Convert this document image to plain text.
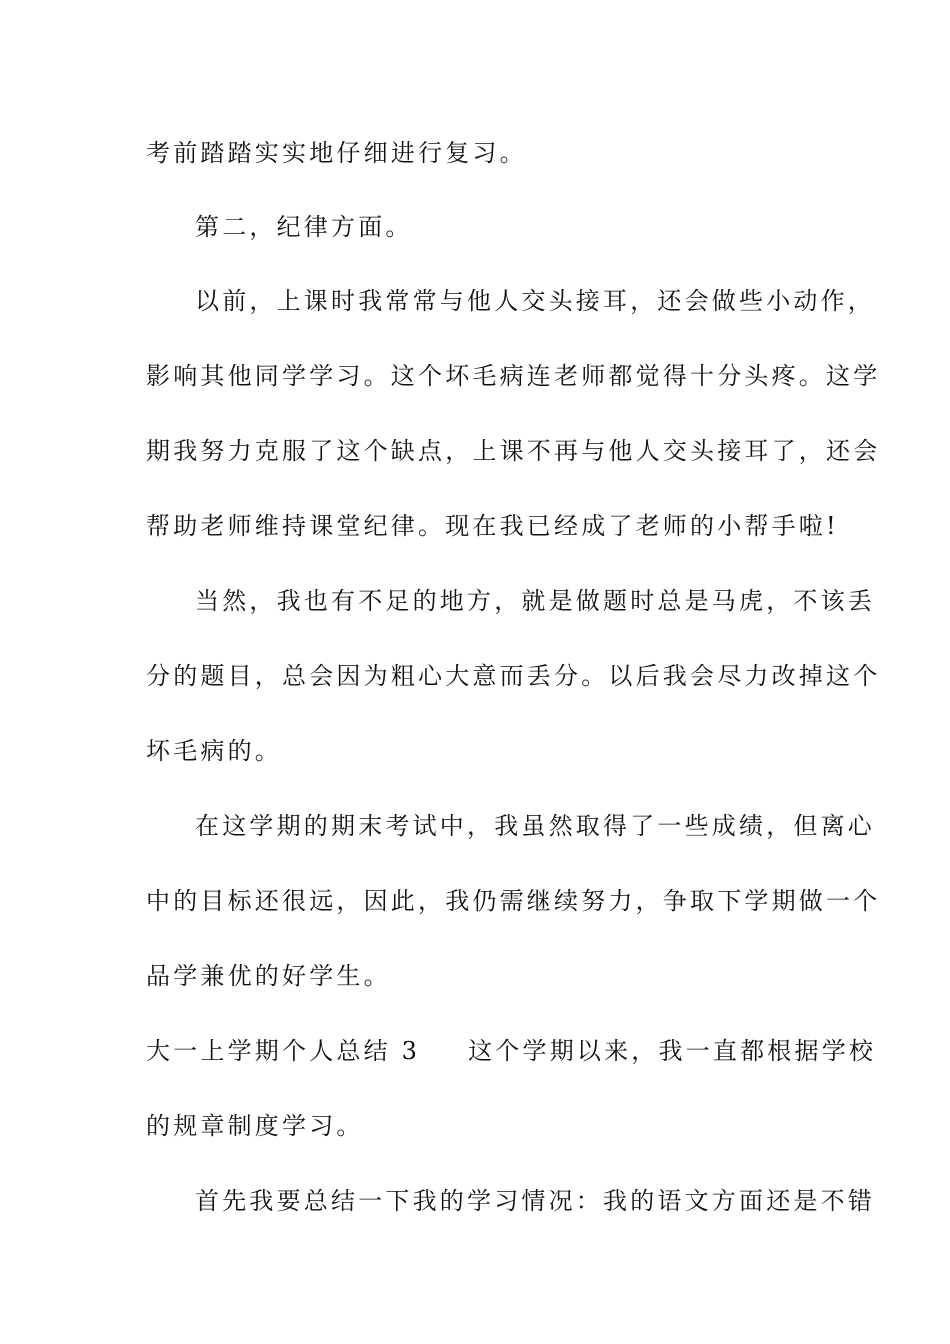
考前踏踏实实地仔细进行复习。
第二，纪律方面。
以前，上课时我常常与他人交头接耳，还会做些小动作，
影响其他同学学习。这个坏毛病连老师都觉得十分头疼。这学
期我努力克服了这个缺点，上课不再与他人交头接耳了，还会
帮助老师维持课堂纪律。现在我已经成了老师的小帮手啦!
当然，我也有不足的地方，就是做题时总是马虎，不该丢
分的题目，总会因为粗心大意而丢分。以后我会尽力改掉这个
坏毛病的。
在这学期的期末考试中，我虽然取得了一些成绩，但离心
中的目标还很远，因此，我仍需继续努力，争取下学期做一个
品学兼优的好学生。
大一上学期个人总结 3 这个学期以来，我一直都根据学校
的规章制度学习。
首先我要总结一下我的学习情况：我的语文方面还是不错
